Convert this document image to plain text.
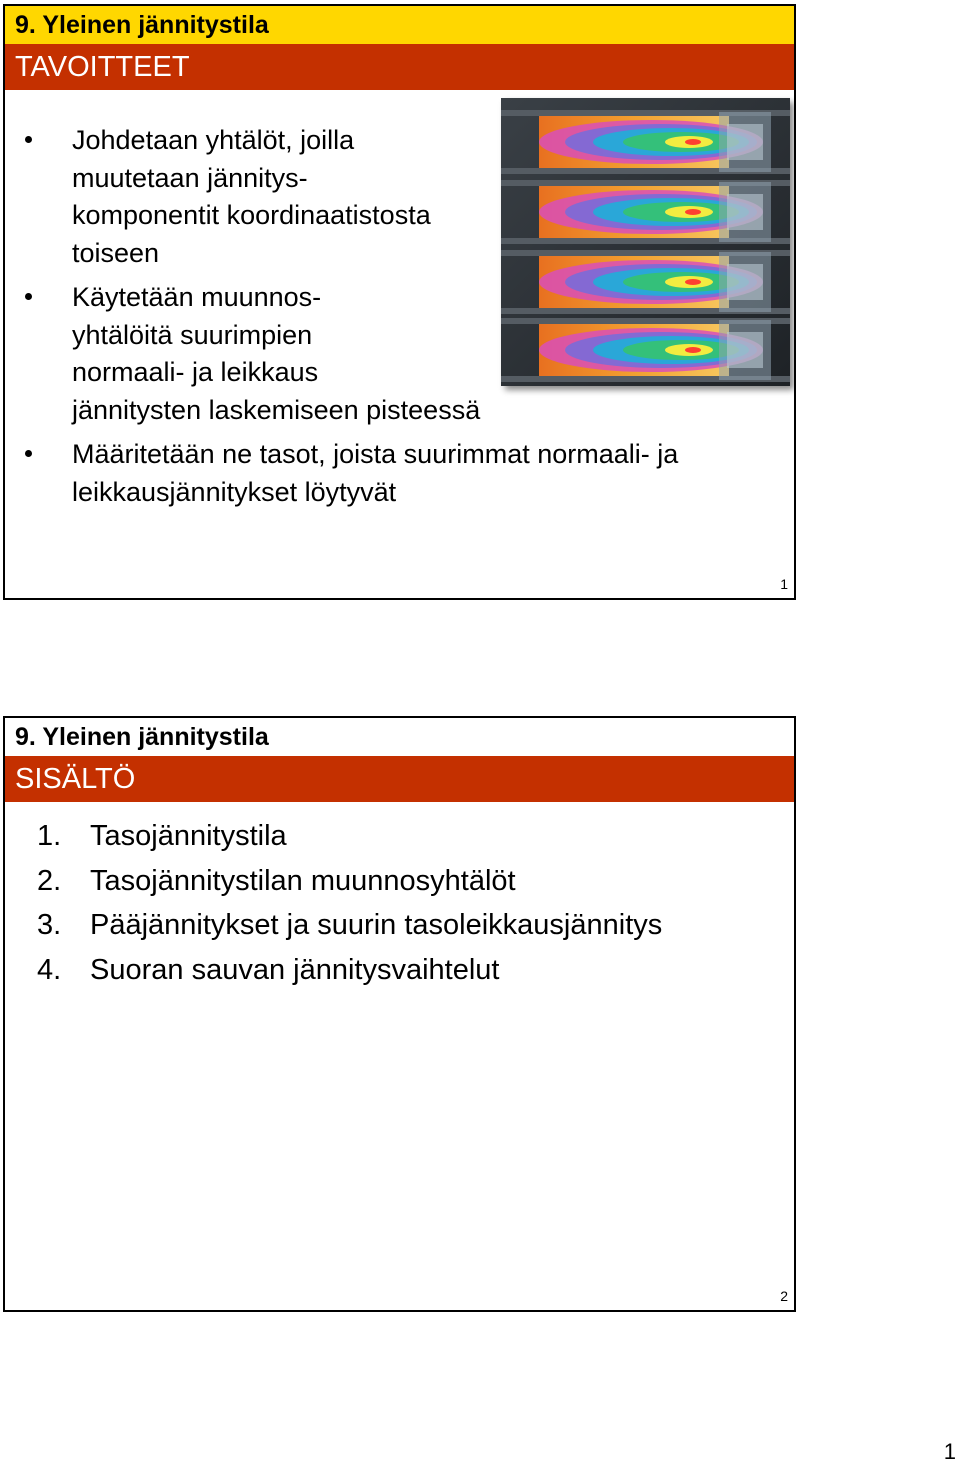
9. Yleinen jännitystila
TAVOITTEET
Johdetaan yhtälöt, joilla
muutetaan jännitys-
komponentit koordinaatistosta
toiseen
Käytetään muunnos-
yhtälöitä suurimpien
normaali- ja leikkaus
jännitysten laskemiseen pisteessä
Määritetään ne tasot, joista suurimmat normaali- ja
leikkausjännitykset löytyvät
1
9. Yleinen jännitystila
SISÄLTÖ
1. Tasojännitystila
2. Tasojännitystilan muunnosyhtälöt
3. Pääjännitykset ja suurin tasoleikkausjännitys
4. Suoran sauvan jännitysvaihtelut
2
1
